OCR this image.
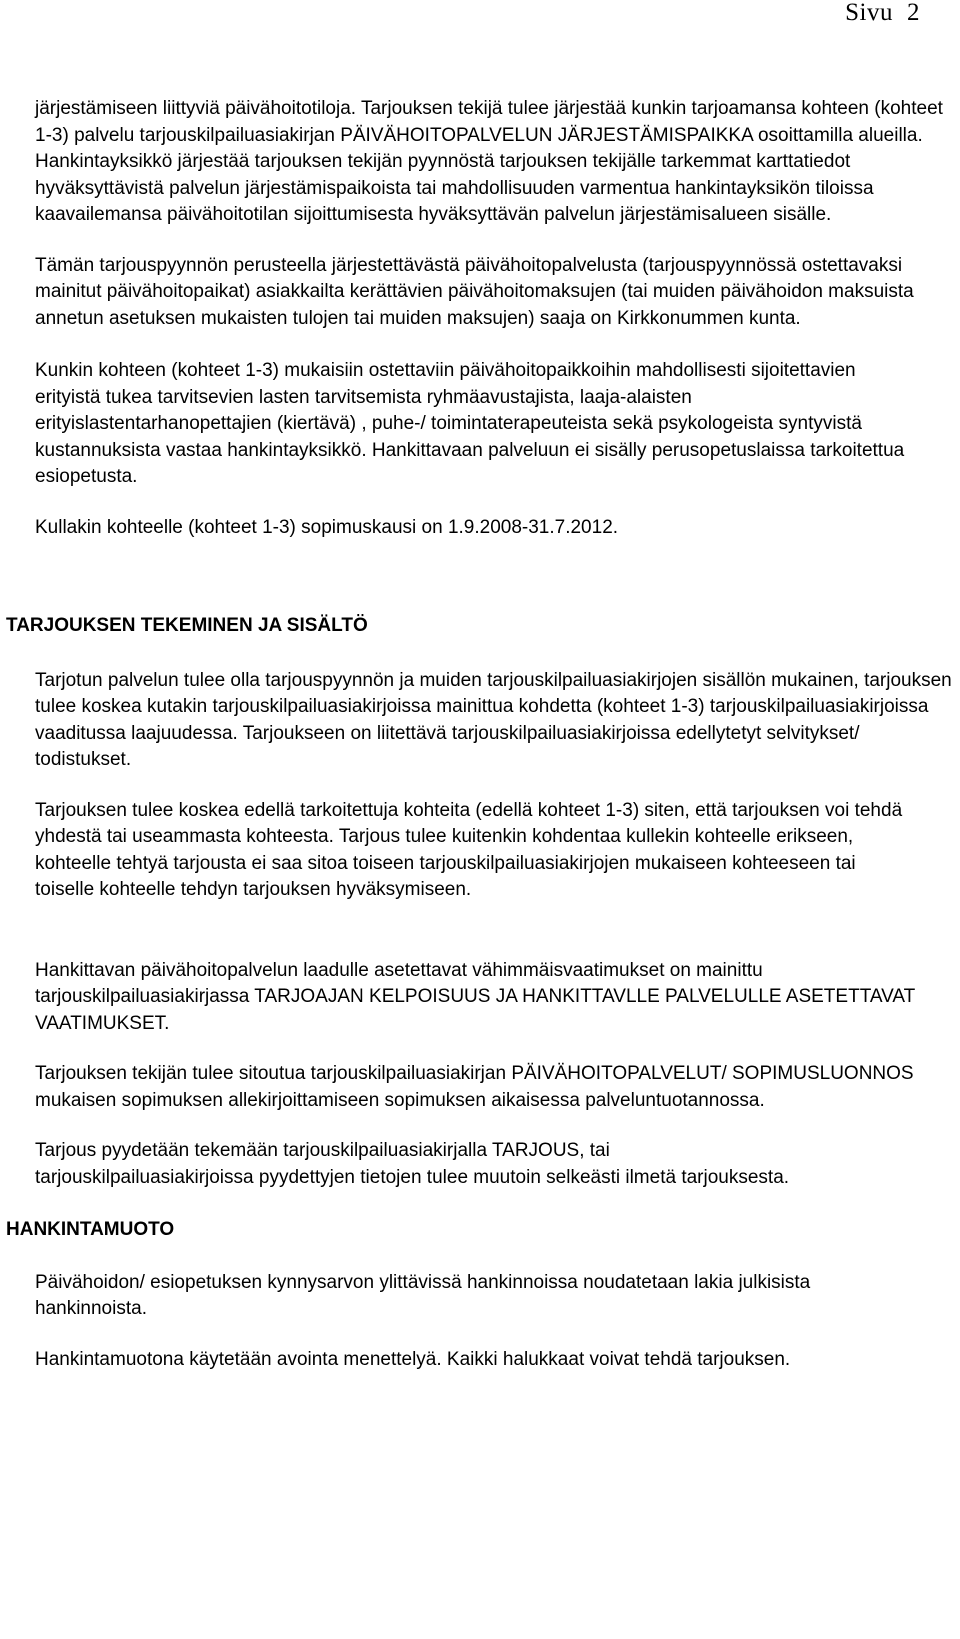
Sivu 2

järjestämiseen liittyviä päivähoitotiloja. Tarjouksen tekijä tulee järjestää kunkin tarjoamansa kohteen (kohteet 1-3) palvelu tarjouskilpailuasiakirjan PÄIVÄHOITOPALVELUN JÄRJESTÄMISPAIKKA osoittamilla alueilla. Hankintayksikkö järjestää tarjouksen tekijän pyynnöstä tarjouksen tekijälle tarkemmat karttatiedot hyväksyttävistä palvelun järjestämispaikoista tai mahdollisuuden varmentua hankintayksikön tiloissa kaavailemansa päivähoitotilan sijoittumisesta hyväksyttävän palvelun järjestämisalueen sisälle.

Tämän tarjouspyynnön perusteella järjestettävästä päivähoitopalvelusta (tarjouspyynnössä ostettavaksi mainitut päivähoitopaikat) asiakkailta kerättävien päivähoitomaksujen (tai muiden päivähoidon maksuista annetun asetuksen mukaisten tulojen tai muiden maksujen) saaja on Kirkkonummen kunta.

Kunkin kohteen (kohteet 1-3) mukaisiin ostettaviin päivähoitopaikkoihin mahdollisesti sijoitettavien erityistä tukea tarvitsevien lasten tarvitsemista ryhmäavustajista, laaja-alaisten erityislastentarhanopettajien (kiertävä) , puhe-/ toimintaterapeuteista sekä psykologeista syntyvistä kustannuksista vastaa hankintayksikkö. Hankittavaan palveluun ei sisälly perusopetuslaissa tarkoitettua esiopetusta.

Kullakin kohteelle (kohteet 1-3) sopimuskausi on 1.9.2008-31.7.2012.

TARJOUKSEN TEKEMINEN JA SISÄLTÖ

Tarjotun palvelun tulee olla tarjouspyynnön ja muiden tarjouskilpailuasiakirjojen sisällön mukainen, tarjouksen tulee koskea kutakin tarjouskilpailuasiakirjoissa mainittua kohdetta (kohteet 1-3) tarjouskilpailuasiakirjoissa vaaditussa laajuudessa. Tarjoukseen on liitettävä tarjouskilpailuasiakirjoissa edellytetyt selvitykset/ todistukset.

Tarjouksen tulee koskea edellä tarkoitettuja kohteita (edellä kohteet 1-3) siten, että tarjouksen voi tehdä yhdestä tai useammasta kohteesta. Tarjous tulee kuitenkin kohdentaa kullekin kohteelle erikseen, kohteelle tehtyä tarjousta ei saa sitoa toiseen tarjouskilpailuasiakirjojen mukaiseen kohteeseen tai toiselle kohteelle tehdyn tarjouksen hyväksymiseen.

Hankittavan päivähoitopalvelun laadulle asetettavat vähimmäisvaatimukset on mainittu tarjouskilpailuasiakirjassa TARJOAJAN KELPOISUUS JA HANKITTAVLLE PALVELULLE ASETETTAVAT VAATIMUKSET.

Tarjouksen tekijän tulee sitoutua tarjouskilpailuasiakirjan PÄIVÄHOITOPALVELUT/ SOPIMUSLUONNOS mukaisen sopimuksen allekirjoittamiseen sopimuksen aikaisessa palveluntuotannossa.

Tarjous pyydetään tekemään tarjouskilpailuasiakirjalla TARJOUS, tai tarjouskilpailuasiakirjoissa pyydettyjen tietojen tulee muutoin selkeästi ilmetä tarjouksesta.

HANKINTAMUOTO

Päivähoidon/ esiopetuksen kynnysarvon ylittävissä hankinnoissa noudatetaan lakia julkisista hankinnoista.

Hankintamuotona käytetään avointa menettelyä. Kaikki halukkaat voivat tehdä tarjouksen.
